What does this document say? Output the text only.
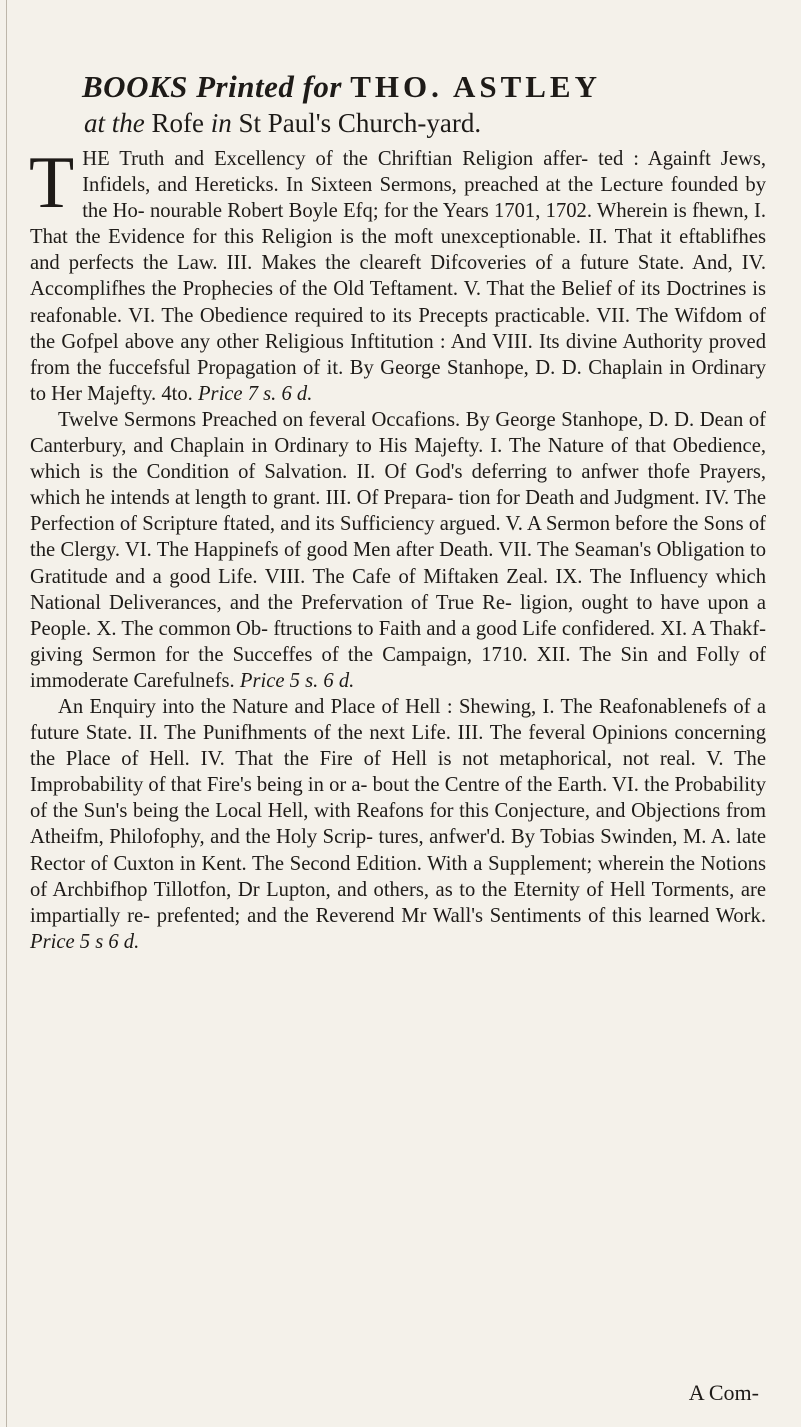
BOOKS Printed for THO. ASTLEY
at the Rofe in St Paul's Church-yard.

THE Truth and Excellency of the Chriftian Religion affer- ted : Againft Jews, Infidels, and Hereticks. In Sixteen Sermons, preached at the Lecture founded by the Ho- nourable Robert Boyle Efq; for the Years 1701, 1702. Wherein is fhewn, I. That the Evidence for this Religion is the moft unexceptionable. II. That it eftablifhes and perfects the Law. III. Makes the cleareft Difcoveries of a future State. And, IV. Accomplifhes the Prophecies of the Old Teftament. V. That the Belief of its Doctrines is reafonable. VI. The Obedience required to its Precepts practicable. VII. The Wifdom of the Gofpel above any other Religious Inftitution : And VIII. Its divine Authority proved from the fuccefsful Propagation of it. By George Stanhope, D. D. Chaplain in Ordinary to Her Majefty. 4to. Price 7 s. 6 d.

Twelve Sermons Preached on feveral Occafions. By George Stanhope, D. D. Dean of Canterbury, and Chaplain in Ordinary to His Majefty. I. The Nature of that Obedience, which is the Condition of Salvation. II. Of God's deferring to anfwer thofe Prayers, which he intends at length to grant. III. Of Prepara- tion for Death and Judgment. IV. The Perfection of Scripture ftated, and its Sufficiency argued. V. A Sermon before the Sons of the Clergy. VI. The Happinefs of good Men after Death. VII. The Seaman's Obligation to Gratitude and a good Life. VIII. The Cafe of Miftaken Zeal. IX. The Influency which National Deliverances, and the Prefervation of True Re- ligion, ought to have upon a People. X. The common Ob- ftructions to Faith and a good Life confidered. XI. A Thakf- giving Sermon for the Succeffes of the Campaign, 1710. XII. The Sin and Folly of immoderate Carefulnefs. Price 5 s. 6 d.

An Enquiry into the Nature and Place of Hell : Shewing, I. The Reafonablenefs of a future State. II. The Punifhments of the next Life. III. The feveral Opinions concerning the Place of Hell. IV. That the Fire of Hell is not metaphorical, not real. V. The Improbability of that Fire's being in or a- bout the Centre of the Earth. VI. the Probability of the Sun's being the Local Hell, with Reafons for this Conjecture, and Objections from Atheifm, Philofophy, and the Holy Scrip- tures, anfwer'd. By Tobias Swinden, M. A. late Rector of Cuxton in Kent. The Second Edition. With a Supplement; wherein the Notions of Archbifhop Tillotfon, Dr Lupton, and others, as to the Eternity of Hell Torments, are impartially re- prefented; and the Reverend Mr Wall's Sentiments of this learned Work. Price 5 s 6 d.

A Com-
